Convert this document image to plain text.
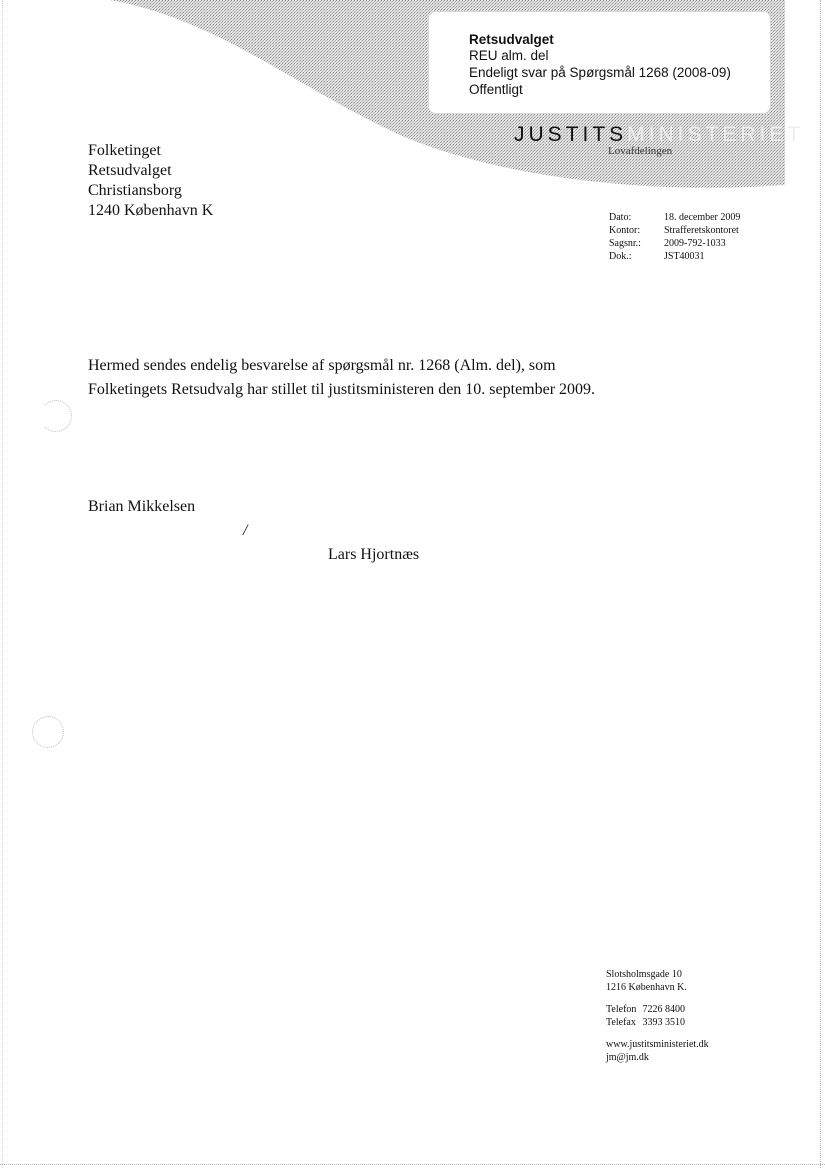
Retsudvalget
REU alm. del
Endeligt svar på Spørgsmål 1268 (2008-09)
Offentligt
JUSTITSMINISTERIET
Lovafdelingen
Folketinget
Retsudvalget
Christiansborg
1240 København K	Dato:	18. december 2009
Kontor: Strafferetskontoret
Sagsnr.: 2009-792-1033
Dok.:	JST40031
Hermed sendes endelig besvarelse af spørgsmål nr. 1268 (Alm. del), som Folketingets Retsudvalg har stillet til justitsministeren den 10. september 2009.
Brian Mikkelsen
/
Lars Hjortnæs
Slotsholmsgade 10
1216 København K.
Telefon 7226 8400
Telefax 3393 3510
www.justitsministeriet.dk
jm@jm.dk
